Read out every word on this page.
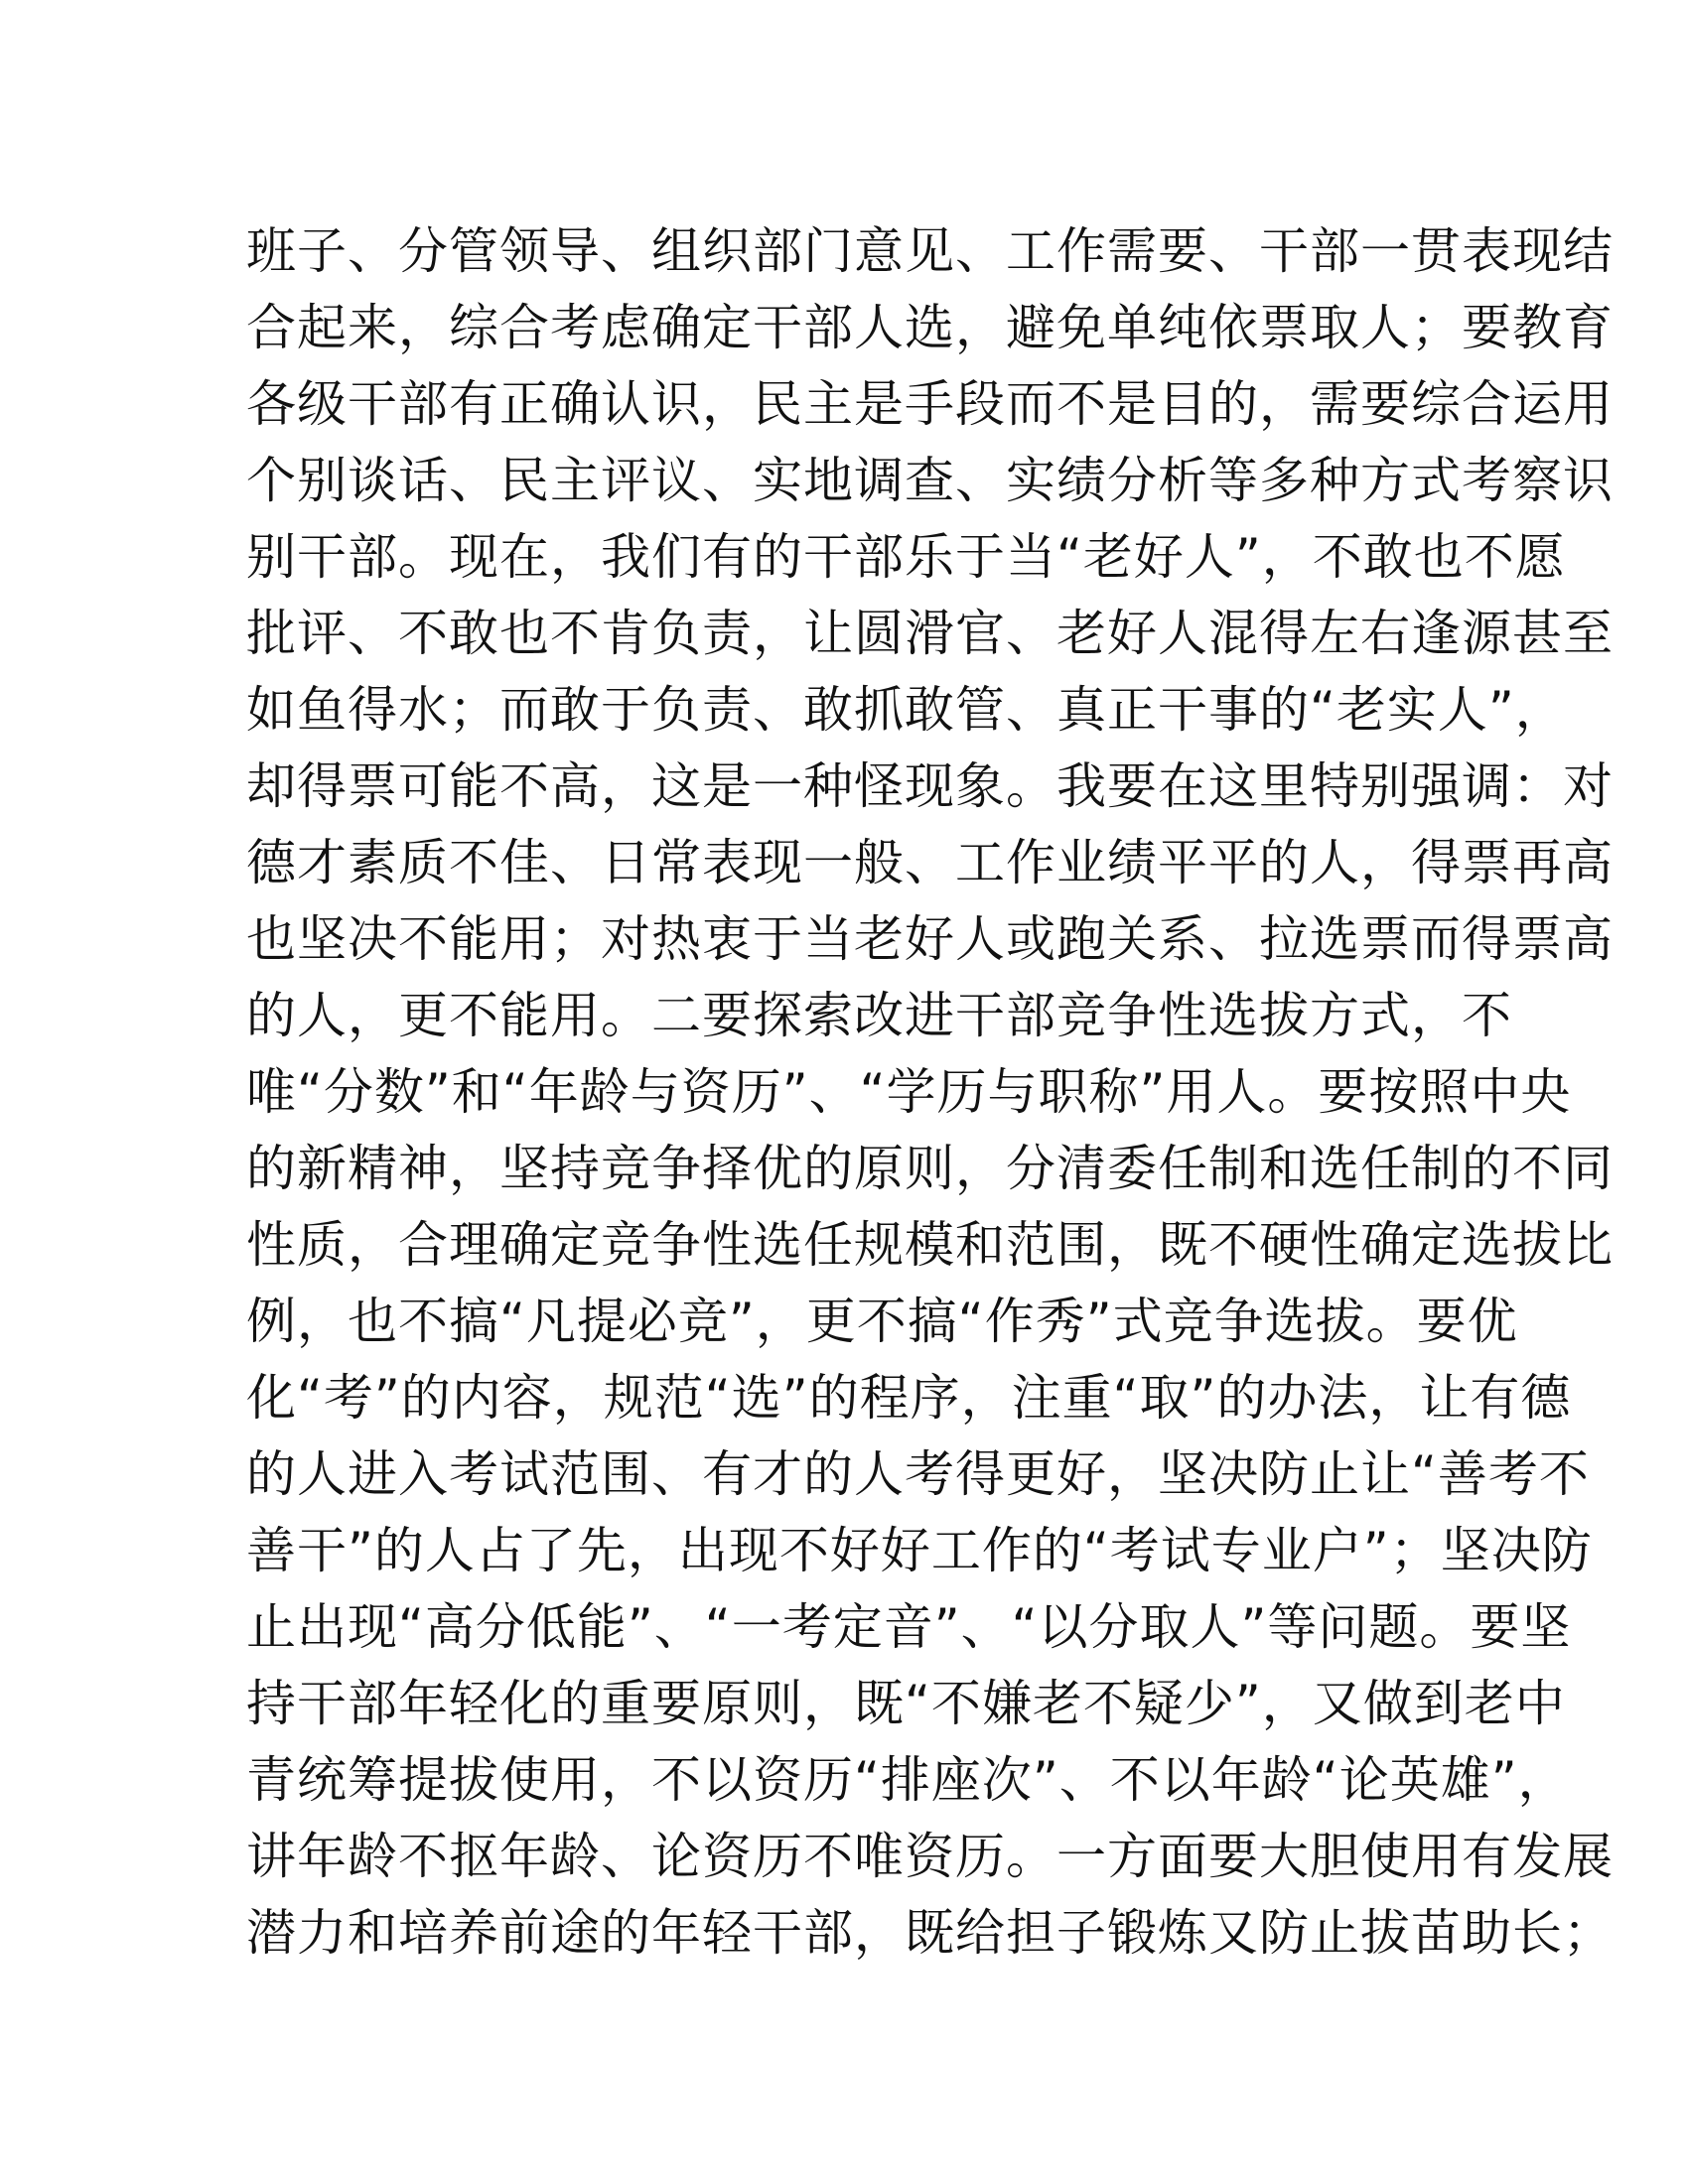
班子、分管领导、组织部门意见、工作需要、干部一贯表现结
合起来，综合考虑确定干部人选，避免单纯依票取人；要教育
各级干部有正确认识，民主是手段而不是目的，需要综合运用
个别谈话、民主评议、实地调查、实绩分析等多种方式考察识
别干部。现在，我们有的干部乐于当“老好人”，不敢也不愿
批评、不敢也不肯负责，让圆滑官、老好人混得左右逢源甚至
如鱼得水；而敢于负责、敢抓敢管、真正干事的“老实人”，
却得票可能不高，这是一种怪现象。我要在这里特别强调：对
德才素质不佳、日常表现一般、工作业绩平平的人，得票再高
也坚决不能用；对热衷于当老好人或跑关系、拉选票而得票高
的人，更不能用。二要探索改进干部竞争性选拔方式，不
唯“分数”和“年龄与资历”、“学历与职称”用人。要按照中央
的新精神，坚持竞争择优的原则，分清委任制和选任制的不同
性质，合理确定竞争性选任规模和范围，既不硬性确定选拔比
例，也不搞“凡提必竞”，更不搞“作秀”式竞争选拔。要优
化“考”的内容，规范“选”的程序，注重“取”的办法，让有德
的人进入考试范围、有才的人考得更好，坚决防止让“善考不
善干”的人占了先，出现不好好工作的“考试专业户”；坚决防
止出现“高分低能”、“一考定音”、“以分取人”等问题。要坚
持干部年轻化的重要原则，既“不嫌老不疑少”，又做到老中
青统筹提拔使用，不以资历“排座次”、不以年龄“论英雄”，
讲年龄不抠年龄、论资历不唯资历。一方面要大胆使用有发展
潜力和培养前途的年轻干部，既给担子锻炼又防止拔苗助长；
